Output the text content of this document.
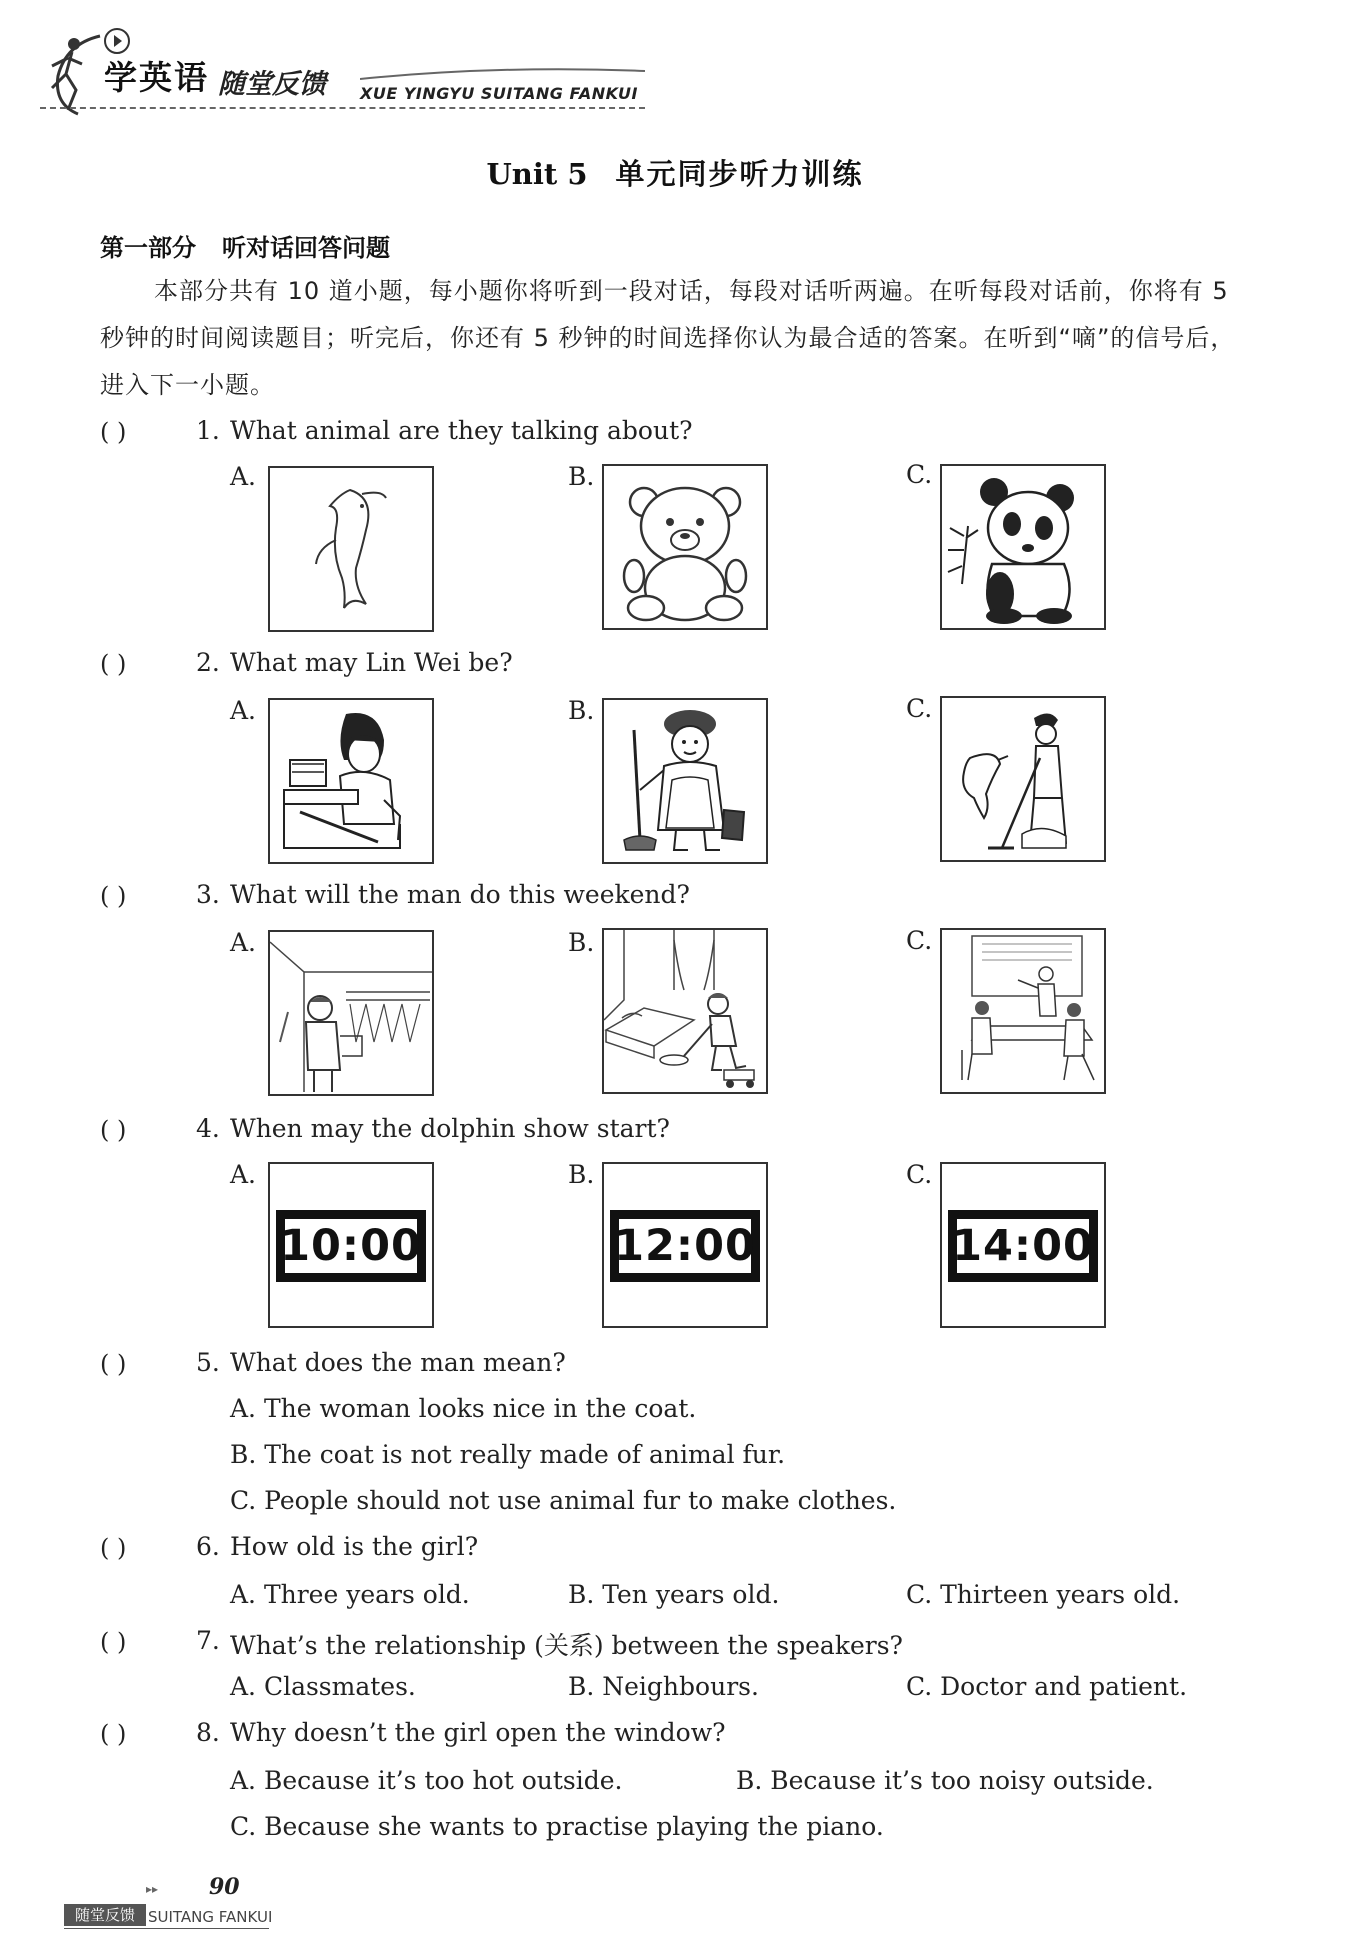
学英语 随堂反馈 XUE YINGYU SUITANG FANKUI
Unit 5 单元同步听力训练
第一部分 听对话回答问题
本部分共有 10 道小题，每小题你将听到一段对话，每段对话听两遍。在听每段对话前，你将有 5 秒钟的时间阅读题目；听完后，你还有 5 秒钟的时间选择你认为最合适的答案。在听到“嘀”的信号后，进入下一小题。
( )	1. What animal are they talking about?
A.	B.	C.
( )	2. What may Lin Wei be?
A.	B.	C.
( )	3. What will the man do this weekend?
A.	B.	C.
( )	4. When may the dolphin show start?
A.
10:00
B.
12:00
C.
14:00
( )	5. What does the man mean?
A. The woman looks nice in the coat.
B. The coat is not really made of animal fur.
C. People should not use animal fur to make clothes.
( )	6. How old is the girl?
A. Three years old.	B. Ten years old.	C. Thirteen years old.
( )	7. What’s the relationship (关系) between the speakers?
A. Classmates.	B. Neighbours.	C. Doctor and patient.
( )	8. Why doesn’t the girl open the window?
A. Because it’s too hot outside.	B. Because it’s too noisy outside.
C. Because she wants to practise playing the piano.
▸▸ 90
随堂反馈 SUITANG FANKUI
